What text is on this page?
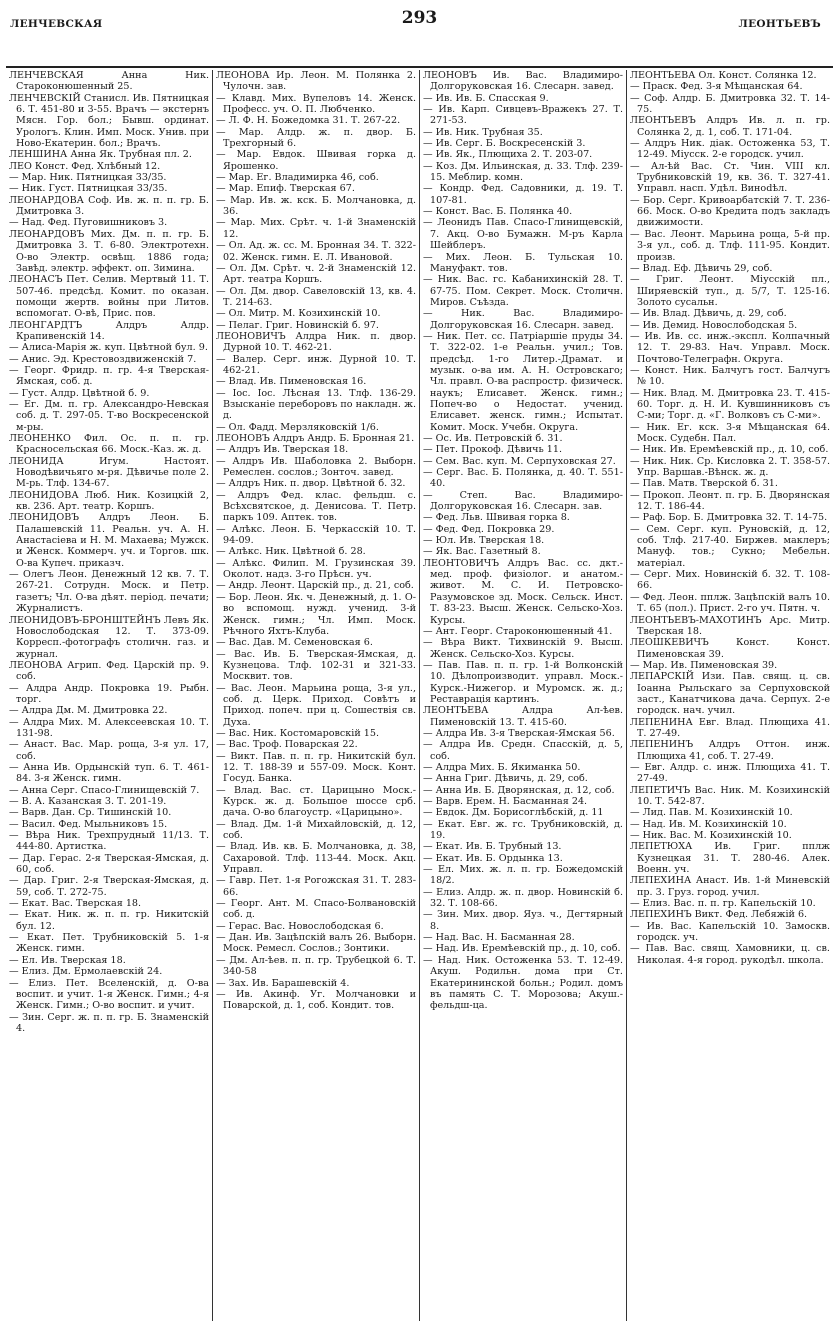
ЛЕНЧЕВСКАЯ	293	ЛЕОНТЬЕВЪ

ЛЕНЧЕВСКАЯ Анна Ник. Староконюшенный 25.

ЛЕНЧЕВСКIЙ Станисл. Ив. Пятницкая 6. Т. 451-80 и 3-55. Врачъ — экстернъ Мясн. Гор. бол.; Бывш. ординат. Урологъ. Клин. Имп. Моск. Унив. при Ново-Екатерин. бол.; Врачъ.

ЛЕНШИНА Анна Як. Трубная пл. 2.

ЛЕО Конст. Фед. Хлѣбный 12.

— Мар. Ник. Пятницкая 33/35.

— Ник. Густ. Пятницкая 33/35.

ЛЕОНАРДОВА Соф. Ив. ж. п. п. гр. Б. Дмитровка 3.

— Над. Фед. Пуговишниковъ 3.

ЛЕОНАРДОВЪ Мих. Дм. п. п. гр. Б. Дмитровка 3. Т. 6-80. Электротехн. О-во Электр. освѣщ. 1886 года; Завѣд. электр. эффект. оп. Зимина.

ЛЕОНАСЪ Пет. Селив. Мертвый 11. Т. 507-46. предсѣд. Комит. по оказан. помощи жертв. войны при Литов. вспомогат. О-вѣ, Прис. пов.

ЛЕОНГАРДТЪ Алдръ Алдр. Крапивенскiй 14.

— Алиса-Марiя ж. куп. Цвѣтной бул. 9.

— Анис. Эд. Крестовоздвиженскiй 7.

— Георг. Фридр. п. гр. 4-я Тверская-Ямская, соб. д.

— Густ. Алдр. Цвѣтной б. 9.

— Ег. Дм. п. гр. Александро-Невская соб. д. Т. 297-05. Т-во Воскресенской м-ры.

ЛЕОНЕНКО Фил. Ос. п. п. гр. Красносельская 66. Моск.-Каз. ж. д.

ЛЕОНИДА Игум. Настоят. Новодѣвичьяго м-ря. Дѣвичье поле 2. М-рь. Тлф. 134-67.

ЛЕОНИДОВА Люб. Ник. Козицкiй 2, кв. 236. Арт. театр. Коршъ.

ЛЕОНИДОВЪ Алдръ Леон. Б. Палашевскiй 11. Реальн. уч. А. Н. Анастасiева и Н. М. Махаева; Мужск. и Женск. Коммерч. уч. и Торгов. шк. О-ва Купеч. приказч.

— Олегъ Леон. Денежный 12 кв. 7. Т. 267-21. Сотрудн. Моск. и Петр. газетъ; Чл. О-ва дѣят. перiод. печати; Журналистъ.

ЛЕОНИДОВЪ-БРОНШТЕЙНЪ Левъ Як. Новослободская 12. Т. 373-09. Корресп.-фотографъ столичн. газ. и журнал.

ЛЕОНОВА Агрип. Фед. Царскiй пр. 9. соб.

— Алдра Андр. Покровка 19. Рыбн. торг.

— Алдра Дм. М. Дмитровка 22.

— Алдра Мих. М. Алексеевская 10. Т. 131-98.

— Анаст. Вас. Мар. роща, 3-я ул. 17, соб.

— Анна Ив. Ордынскiй туп. 6. Т. 461-84. 3-я Женск. гимн.

— Анна Серг. Спасо-Глинищевскiй 7.

— В. А. Казанская 3. Т. 201-19.

— Варв. Дан. Ср. Тишинскiй 10.

— Васил. Фед. Мыльниковъ 15.

— Вѣра Ник. Трехпрудный 11/13. Т. 444-80. Артистка.

— Дар. Герас. 2-я Тверская-Ямская, д. 60, соб.

— Дар. Григ. 2-я Тверская-Ямская, д. 59, соб. Т. 272-75.

— Екат. Вас. Тверская 18.

— Екат. Ник. ж. п. п. гр. Никитскiй бул. 12.

— Екат. Пет. Трубниковскiй 5. 1-я Женск. гимн.

— Ел. Ив. Тверская 18.

— Елиз. Дм. Ермолаевскiй 24.

— Елиз. Пет. Вселенскiй, д. О-ва воспит. и учит. 1-я Женск. Гимн.; 4-я Женск. Гимн.; О-во воспит. и учит.

— Зин. Серг. ж. п. п. гр. Б. Знаменскiй 4.

ЛЕОНОВА Ир. Леон. М. Полянка 2. Чулочн. зав.

— Клавд. Мих. Вупеловъ 14. Женск. Професс. уч. О. П. Любченко.

— Л. Ф. Н. Божедомка 31. Т. 267-22.

— Мар. Алдр. ж. п. двор. Б. Трехгорный 6.

— Мар. Евдок. Швивая горка д. Ярошенко.

— Мар. Ег. Владимирка 46, соб.

— Мар. Епиф. Тверская 67.

— Мар. Ив. ж. кск. Б. Молчановка, д. 36.

— Мар. Мих. Срѣт. ч. 1-й Знаменскiй 12.

— Ол. Ад. ж. сс. М. Бронная 34. Т. 322-02. Женск. гимн. Е. Л. Ивановой.

— Ол. Дм. Срѣт. ч. 2-й Знаменскiй 12. Арт. театра Коршъ.

— Ол. Дм. двор. Савеловскiй 13, кв. 4. Т. 214-63.

— Ол. Митр. М. Козихинскiй 10.

— Пелаг. Григ. Новинскiй б. 97.

ЛЕОНОВИЧЪ Алдра Ник. п. двор. Дурной 10. Т. 462-21.

— Валер. Серг. инж. Дурной 10. Т. 462-21.

— Влад. Ив. Пименовская 16.

— Iос. Iос. Лѣсная 13. Тлф. 136-29. Взысканiе переборовъ по накладн. ж. д.

— Ол. Фадд. Мерзляковскiй 1/6.

ЛЕОНОВЪ Алдръ Андр. Б. Бронная 21.

— Алдръ Ив. Тверская 18.

— Алдръ Ив. Шаболовка 2. Выборн. Ремеслен. сослов.; Зонточ. завед.

— Алдръ Ник. п. двор. Цвѣтной б. 32.

— Алдръ Фед. клас. фельдш. с. Всѣхсвятское, д. Денисова. Т. Петр. паркъ 109. Аптек. тов.

— Алѣкс. Леон. Б. Черкасскiй 10. Т. 94-09.

— Алѣкс. Ник. Цвѣтной б. 28.

— Алѣкс. Филип. М. Грузинская 39. Околот. надз. 3-го Прѣсн. уч.

— Андр. Леонт. Царскiй пр., д. 21, соб.

— Бор. Леон. Як. ч. Денежный, д. 1. О-во вспомощ. нужд. ученид. 3-й Женск. гимн.; Чл. Имп. Моск. Рѣчного Яхтъ-Клуба.

— Вас. Дав. М. Семеновская 6.

— Вас. Ив. Б. Тверская-Ямская, д. Кузнецова. Тлф. 102-31 и 321-33. Москвит. тов.

— Вас. Леон. Марьина роща, 3-я ул., соб. д. Церк. Приход. Совѣтъ и Приход. попеч. при ц. Сошествiя св. Духа.

— Вас. Ник. Костомаровскiй 15.

— Вас. Троф. Поварская 22.

— Викт. Пав. п. п. гр. Никитскiй бул. 12. Т. 188-39 и 557-09. Моск. Конт. Госуд. Банка.

— Влад. Вас. ст. Царицыно Моск.-Курск. ж. д. Большое шоссе срб. дача. О-во благоустр. «Царицыно».

— Влад. Дм. 1-й Михайловскiй, д. 12, соб.

— Влад. Ив. кв. Б. Молчановка, д. 38, Сахаровой. Тлф. 113-44. Моск. Акц. Управл.

— Гавр. Пет. 1-я Рогожская 31. Т. 283-66.

— Георг. Ант. М. Спасо-Болвановскiй соб. д.

— Герас. Вас. Новослободская 6.

— Дан. Ив. Зацѣпскiй валъ 26. Выборн. Моск. Ремесл. Сослов.; Зонтики.

— Дм. Ал-ѣев. п. п. гр. Трубецкой 6. Т. 340-58

— Зах. Ив. Барашевскiй 4.

— Ив. Акинф. Уг. Молчановки и Поварской, д. 1, соб. Кондит. тов.

ЛЕОНОВЪ Ив. Вас. Владимиро-Долгоруковская 16. Слесарн. завед.

— Ив. Ив. Б. Спасская 9.

— Ив. Карп. Сивцевъ-Вражекъ 27. Т. 271-53.

— Ив. Ник. Трубная 35.

— Ив. Серг. Б. Воскресенскiй 3.

— Ив. Як., Плющиха 2. Т. 203-07.

— Коз. Дм. Ильинская, д. 33. Тлф. 239-15. Меблир. комн.

— Кондр. Фед. Садовники, д. 19. Т. 107-81.

— Конст. Вас. Б. Полянка 40.

— Леонидъ Пав. Спасо-Глинищевскiй, 7. Акц. О-во Бумажн. М-ръ Карла Шейблеръ.

— Мих. Леон. Б. Тульская 10. Мануфакт. тов.

— Ник. Вас. гс. Кабанихинскiй 28. Т. 67-75. Пом. Секрет. Моск. Столичн. Миров. Съѣзда.

— Ник. Вас. Владимиро-Долгоруковская 16. Слесарн. завед.

— Ник. Пет. сс. Патрiаршiе пруды 34. Т. 322-02. 1-е Реальн. учил.; Тов. предсѣд. 1-го Литер.-Драмат. и музык. о-ва им. А. Н. Островскаго; Чл. правл. О-ва распростр. физическ. наукъ; Елисавет. Женск. гимн.; Попеч-во о Недостат. ученид. Елисавет. женск. гимн.; Испытат. Комит. Моск. Учебн. Округа.

— Ос. Ив. Петровскiй б. 31.

— Пет. Прокоф. Дѣвичь 11.

— Сем. Вас. куп. М. Серпуховская 27.

— Серг. Вас. Б. Полянка, д. 40. Т. 551-40.

— Степ. Вас. Владимиро-Долгоруковская 16. Слесарн. зав.

— Фед. Льв. Швивая горка 8.

— Фед. Фед. Покровка 29.

— Юл. Ив. Тверская 18.

— Як. Вас. Газетный 8.

ЛЕОНТОВИЧЪ Алдръ Вас. сс. дкт.-мед. проф. физiолог. и анатом.-живот. М. С. И. Петровско-Разумовское зд. Моск. Сельск. Инст. Т. 83-23. Высш. Женск. Сельско-Хоз. Курсы.

— Ант. Георг. Староконюшенный 41.

— Вѣра Викт. Тихвинскiй 9. Высш. Женск. Сельско-Хоз. Курсы.

— Пав. Пав. п. п. гр. 1-й Волконскiй 10. Дѣлопроизводит. управл. Моск.-Курск.-Нижегор. и Муромск. ж. д.; Реставрацiя картинъ.

ЛЕОНТЬЕВА Алдра Ал-ѣев. Пименовскiй 13. Т. 415-60.

— Алдра Ив. 3-я Тверская-Ямская 56.

— Алдра Ив. Средн. Спасскiй, д. 5, соб.

— Алдра Мих. Б. Якиманка 50.

— Анна Григ. Дѣвичь, д. 29, соб.

— Анна Ив. Б. Дворянская, д. 12, соб.

— Варв. Ерем. Н. Басманная 24.

— Евдок. Дм. Борисоглѣбскiй, д. 11

— Екат. Евг. ж. гс. Трубниковскiй, д. 19.

— Екат. Ив. Б. Трубный 13.

— Екат. Ив. Б. Ордынка 13.

— Ел. Мих. ж. л. п. гр. Божедомскiй 18/2.

— Елиз. Алдр. ж. п. двор. Новинскiй б. 32. Т. 108-66.

— Зин. Мих. двор. Яуз. ч., Дегтярный 8.

— Над. Вас. Н. Басманная 28.

— Над. Ив. Еремѣевскiй пр., д. 10, соб.

— Над. Ник. Остоженка 53. Т. 12-49. Акуш. Родильн. дома при Ст. Екатерининской больн.; Родил. домъ въ память С. Т. Морозова; Акуш.-фельдш-ца.

ЛЕОНТЬЕВА Ол. Конст. Солянка 12.

— Праск. Фед. 3-я Мѣщанская 64.

— Соф. Алдр. Б. Дмитровка 32. Т. 14-75.

ЛЕОНТЬЕВЪ Алдръ Ив. л. п. гр. Солянка 2, д. 1, соб. Т. 171-04.

— Алдръ Ник. дiак. Остоженка 53, Т. 12-49. Мiусск. 2-е городск. учил.

— Ал-ѣй Вас. Ст. Чин. VIII кл. Трубниковскiй 19, кв. 36. Т. 327-41. Управл. насп. Удѣл. Виноdѣл.

— Бор. Серг. Кривоарбатскiй 7. Т. 236-66. Моск. О-во Кредита подъ закладъ движимости.

— Вас. Леонт. Марьина роща, 5-й пр. 3-я ул., соб. д. Тлф. 111-95. Кондит. произв.

— Влад. Еф. Дѣвичь 29, соб.

— Григ. Леонт. Мiусскiй пл., Ширяевскiй туп., д. 5/7, Т. 125-16. Золото сусальн.

— Ив. Влад. Дѣвичь, д. 29, соб.

— Ив. Демид. Новослободская 5.

— Ив. Ив. сс. инж.-экспл. Колпачный 12. Т. 29-83. Нач. Управл. Моск. Почтово-Телеграфн. Округа.

— Конст. Ник. Балчугъ гост. Балчугъ № 10.

— Ник. Влад. М. Дмитровка 23. Т. 415-60. Торг. д. Н. И. Кувшинниковъ съ С-ми; Торг. д. «Г. Волковъ съ С-ми».

— Ник. Ег. кск. 3-я Мѣщанская 64. Моск. Судебн. Пал.

— Ник. Ив. Еремѣевскiй пр., д. 10, соб.

— Ник. Ник. Ср. Кисловка 2. Т. 358-57. Упр. Варшав.-Вѣнск. ж. д.

— Пав. Матв. Тверской б. 31.

— Прокоп. Леонт. п. гр. Б. Дворянская 12. Т. 186-44.

— Раф. Бор. Б. Дмитровка 32. Т. 14-75.

— Сем. Серг. куп. Руновскiй, д. 12, соб. Тлф. 217-40. Биржев. маклеръ; Мануф. тов.; Сукно; Мебельн. матерiал.

— Серг. Мих. Новинскiй б. 32. Т. 108-66.

— Фед. Леон. пплж. Зацѣпскiй валъ 10. Т. 65 (пол.). Прист. 2-го уч. Пятн. ч.

ЛЕОНТЬЕВЪ-МАХОТИНЪ Арс. Митр. Тверская 18.

ЛЕОШКЕВИЧЪ Конст. Конст. Пименовская 39.

— Мар. Ив. Пименовская 39.

ЛЕПАРСКIЙ Изи. Пав. свящ. ц. св. Iоанна Рыльскаго за Серпуховской заст., Канатчикова дача. Серпух. 2-е городск. нач. учил.

ЛЕПЕНИНА Евг. Влад. Плющиха 41. Т. 27-49.

ЛЕПЕНИНЪ Алдръ Оттон. инж. Плющиха 41, соб. Т. 27-49.

— Евг. Алдр. с. инж. Плющиха 41. Т. 27-49.

ЛЕПЕТИЧЪ Вас. Ник. М. Козихинскiй 10. Т. 542-87.

— Лид. Пав. М. Козихинскiй 10.

— Над. Ив. М. Козихинскiй 10.

— Ник. Вас. М. Козихинскiй 10.

ЛЕПЕТЮХА Ив. Григ. пплж Кузнецкая 31. Т. 280-46. Алек. Военн. уч.

ЛЕПЕХИНА Анаст. Ив. 1-й Миневскiй пр. 3. Груз. город. учил.

— Елиз. Вас. п. п. гр. Капельскiй 10.

ЛЕПЕХИНЪ Викт. Фед. Лебяжiй 6.

— Ив. Вас. Капельскiй 10. Замоскв. городск. уч.

— Пав. Вас. свящ. Хамовники, ц. св. Николая. 4-я город. рукодѣл. школа.
